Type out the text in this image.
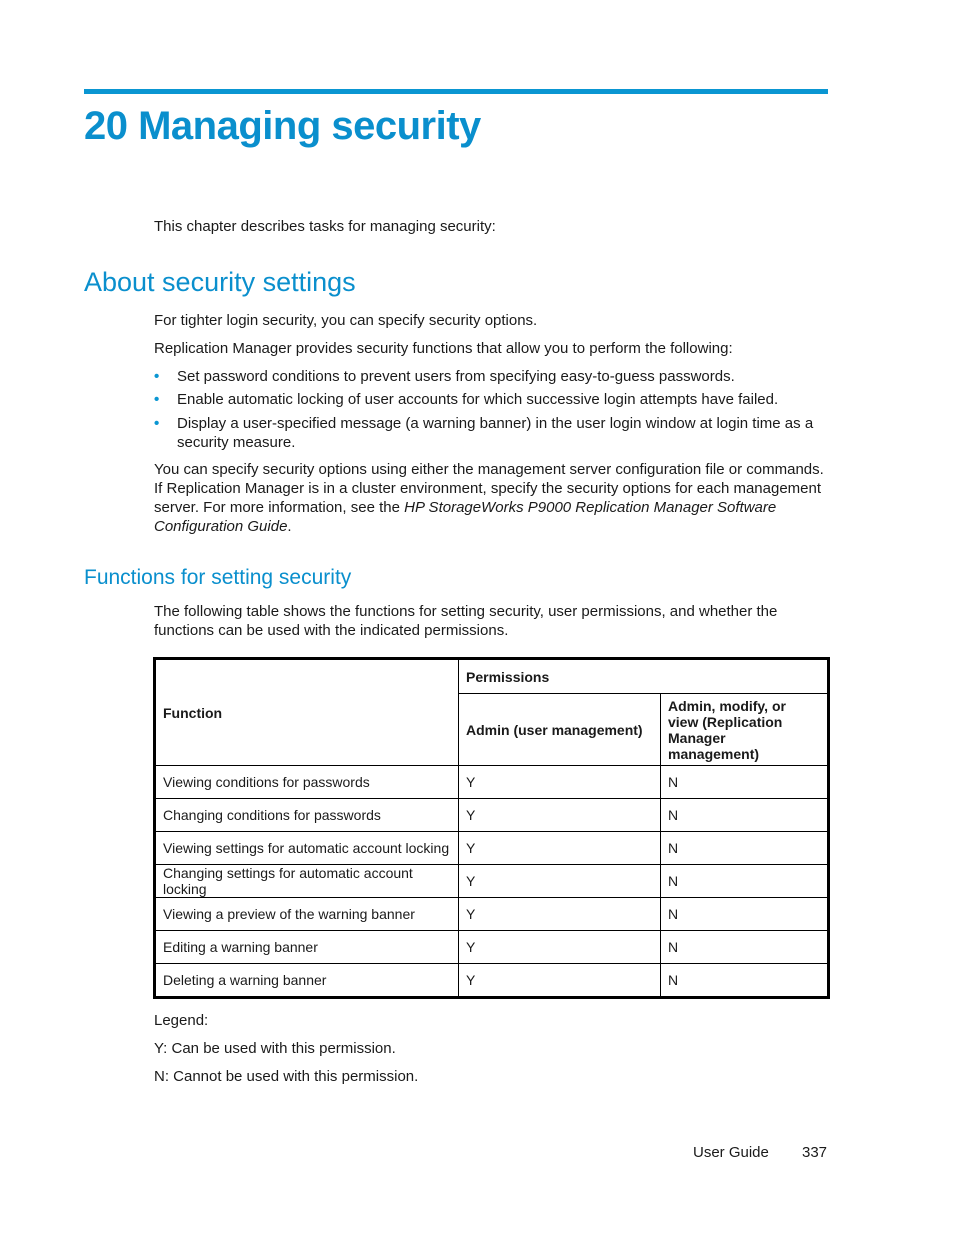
20 Managing security

This chapter describes tasks for managing security:

About security settings

For tighter login security, you can specify security options.

Replication Manager provides security functions that allow you to perform the following:

• Set password conditions to prevent users from specifying easy-to-guess passwords.
• Enable automatic locking of user accounts for which successive login attempts have failed.
• Display a user-specified message (a warning banner) in the user login window at login time as a security measure.

You can specify security options using either the management server configuration file or commands. If Replication Manager is in a cluster environment, specify the security options for each management server. For more information, see the HP StorageWorks P9000 Replication Manager Software Configuration Guide.

Functions for setting security

The following table shows the functions for setting security, user permissions, and whether the functions can be used with the indicated permissions.

Function	Permissions	
	Admin (user management)	Admin, modify, or view (Replication Manager management)
Viewing conditions for passwords	Y	N
Changing conditions for passwords	Y	N
Viewing settings for automatic account locking	Y	N
Changing settings for automatic account locking	Y	N
Viewing a preview of the warning banner	Y	N
Editing a warning banner	Y	N
Deleting a warning banner	Y	N

Legend:

Y: Can be used with this permission.

N: Cannot be used with this permission.

User Guide 337
